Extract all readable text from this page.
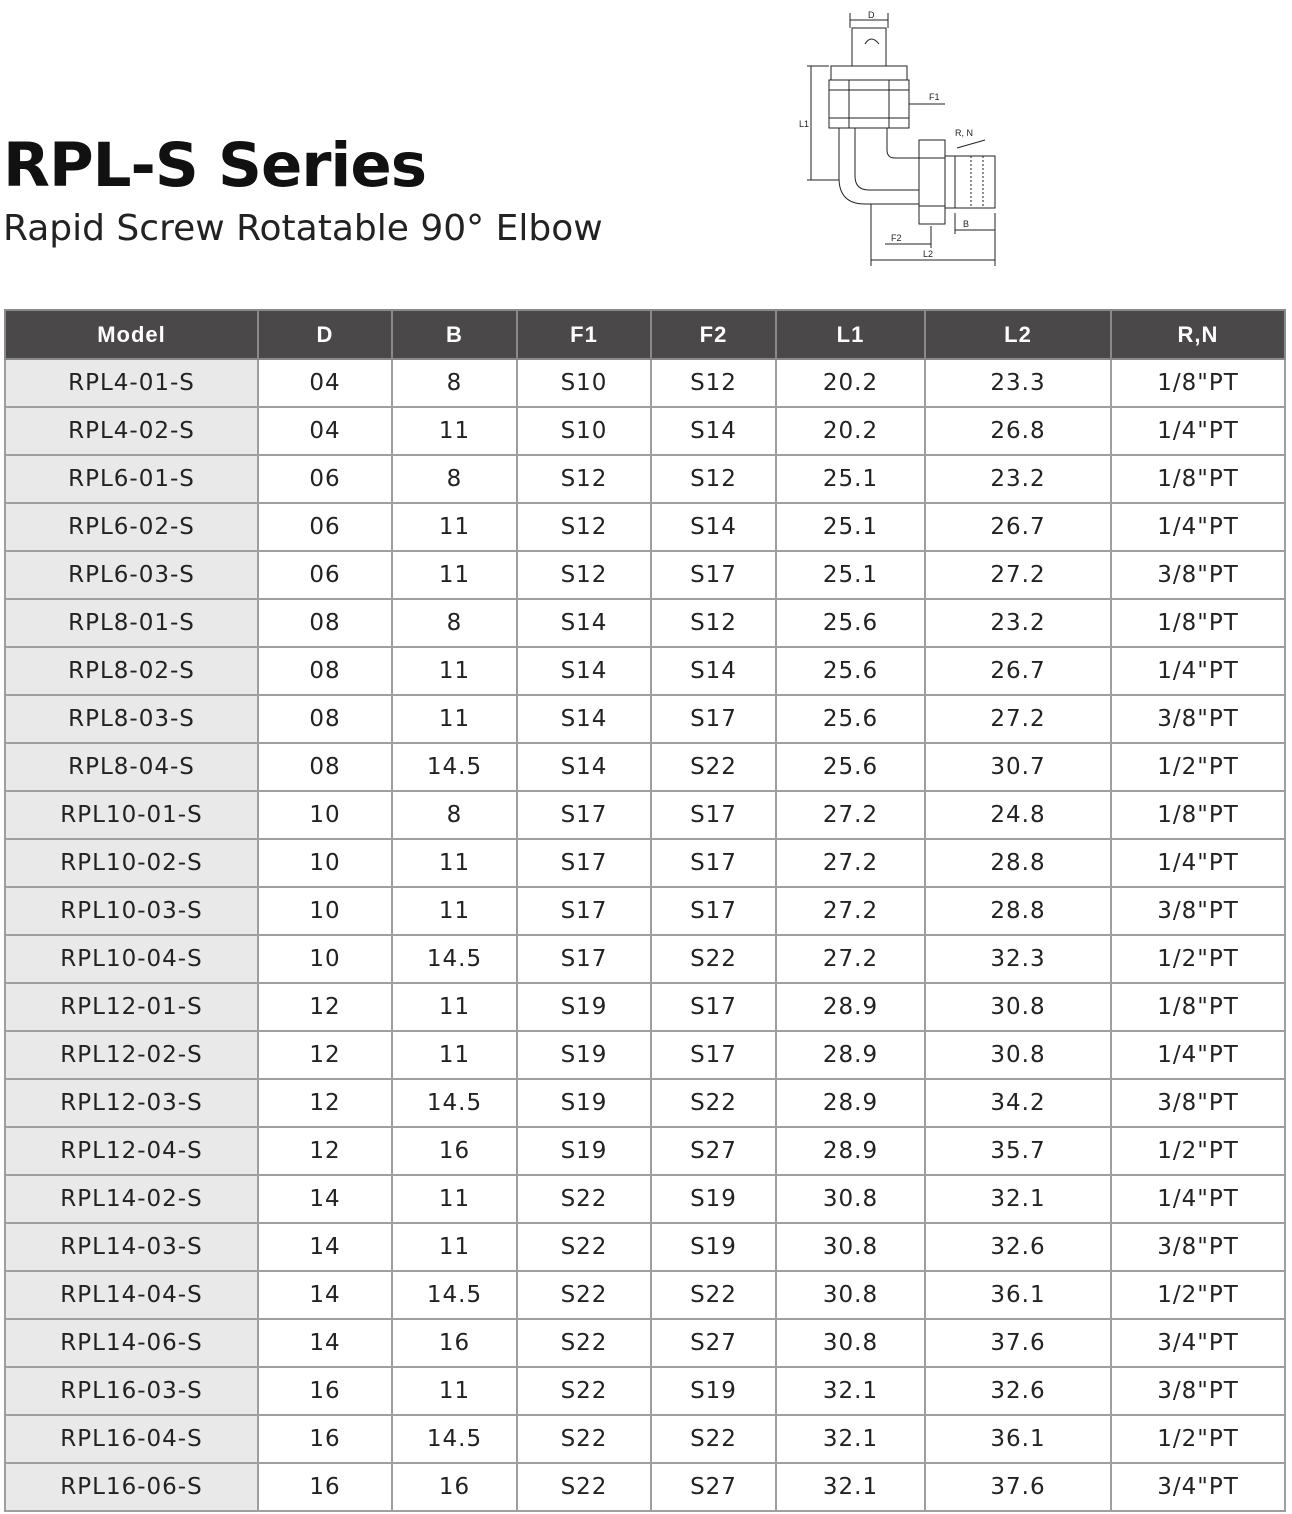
RPL-S Series
Rapid Screw Rotatable 90° Elbow
D
F1
L1
R, N
B
F2
L2
Model	D	B	F1	F2	L1	L2	R,N
RPL4-01-S	04	8	S10	S12	20.2	23.3	1/8"PT
RPL4-02-S	04	11	S10	S14	20.2	26.8	1/4"PT
RPL6-01-S	06	8	S12	S12	25.1	23.2	1/8"PT
RPL6-02-S	06	11	S12	S14	25.1	26.7	1/4"PT
RPL6-03-S	06	11	S12	S17	25.1	27.2	3/8"PT
RPL8-01-S	08	8	S14	S12	25.6	23.2	1/8"PT
RPL8-02-S	08	11	S14	S14	25.6	26.7	1/4"PT
RPL8-03-S	08	11	S14	S17	25.6	27.2	3/8"PT
RPL8-04-S	08	14.5	S14	S22	25.6	30.7	1/2"PT
RPL10-01-S	10	8	S17	S17	27.2	24.8	1/8"PT
RPL10-02-S	10	11	S17	S17	27.2	28.8	1/4"PT
RPL10-03-S	10	11	S17	S17	27.2	28.8	3/8"PT
RPL10-04-S	10	14.5	S17	S22	27.2	32.3	1/2"PT
RPL12-01-S	12	11	S19	S17	28.9	30.8	1/8"PT
RPL12-02-S	12	11	S19	S17	28.9	30.8	1/4"PT
RPL12-03-S	12	14.5	S19	S22	28.9	34.2	3/8"PT
RPL12-04-S	12	16	S19	S27	28.9	35.7	1/2"PT
RPL14-02-S	14	11	S22	S19	30.8	32.1	1/4"PT
RPL14-03-S	14	11	S22	S19	30.8	32.6	3/8"PT
RPL14-04-S	14	14.5	S22	S22	30.8	36.1	1/2"PT
RPL14-06-S	14	16	S22	S27	30.8	37.6	3/4"PT
RPL16-03-S	16	11	S22	S19	32.1	32.6	3/8"PT
RPL16-04-S	16	14.5	S22	S22	32.1	36.1	1/2"PT
RPL16-06-S	16	16	S22	S27	32.1	37.6	3/4"PT
